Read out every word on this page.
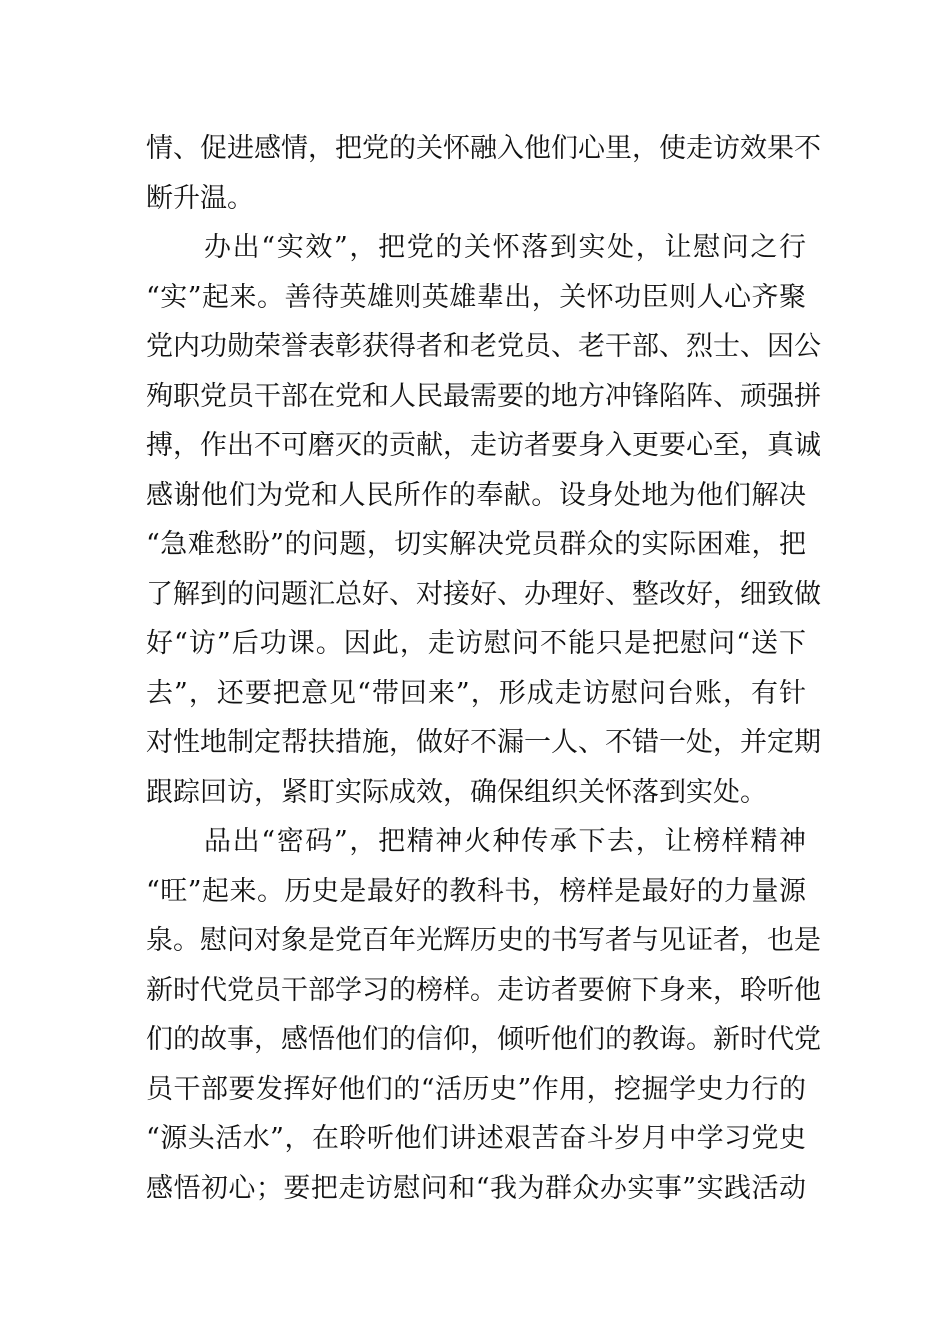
情、促进感情，把党的关怀融入他们心里，使走访效果不
断升温。
办出“实效”，把党的关怀落到实处，让慰问之行
“实”起来。善待英雄则英雄辈出，关怀功臣则人心齐聚
党内功勋荣誉表彰获得者和老党员、老干部、烈士、因公
殉职党员干部在党和人民最需要的地方冲锋陷阵、顽强拼
搏，作出不可磨灭的贡献，走访者要身入更要心至，真诚
感谢他们为党和人民所作的奉献。设身处地为他们解决
“急难愁盼”的问题，切实解决党员群众的实际困难，把
了解到的问题汇总好、对接好、办理好、整改好，细致做
好“访”后功课。因此，走访慰问不能只是把慰问“送下
去”，还要把意见“带回来”，形成走访慰问台账，有针
对性地制定帮扶措施，做好不漏一人、不错一处，并定期
跟踪回访，紧盯实际成效，确保组织关怀落到实处。
品出“密码”，把精神火种传承下去，让榜样精神
“旺”起来。历史是最好的教科书，榜样是最好的力量源
泉。慰问对象是党百年光辉历史的书写者与见证者，也是
新时代党员干部学习的榜样。走访者要俯下身来，聆听他
们的故事，感悟他们的信仰，倾听他们的教诲。新时代党
员干部要发挥好他们的“活历史”作用，挖掘学史力行的
“源头活水”，在聆听他们讲述艰苦奋斗岁月中学习党史
感悟初心；要把走访慰问和“我为群众办实事”实践活动
